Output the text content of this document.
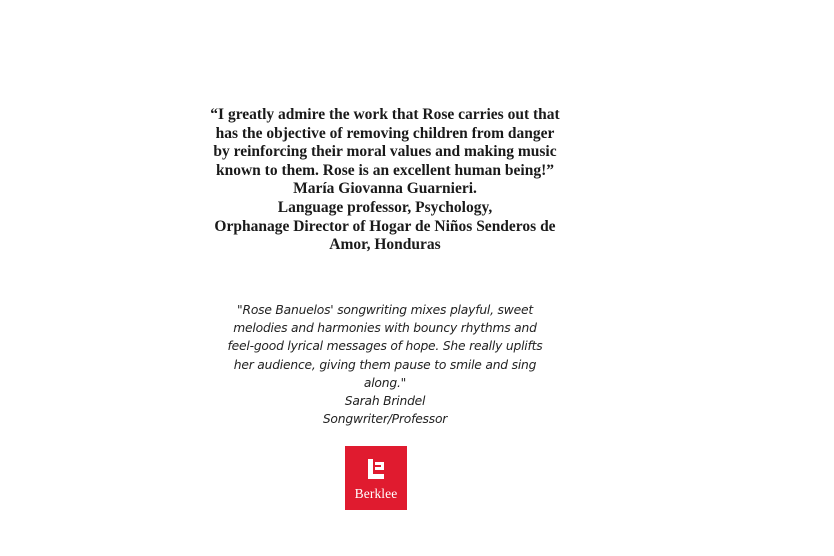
“I greatly admire the work that Rose carries out that
has the objective of removing children from danger
by reinforcing their moral values and making music
known to them. Rose is an excellent human being!”
María Giovanna Guarnieri.
Language professor, Psychology,
Orphanage Director of Hogar de Niños Senderos de
Amor, Honduras
"Rose Banuelos' songwriting mixes playful, sweet
melodies and harmonies with bouncy rhythms and
feel-good lyrical messages of hope. She really uplifts
her audience, giving them pause to smile and sing
along."
Sarah Brindel
Songwriter/Professor
Berklee
